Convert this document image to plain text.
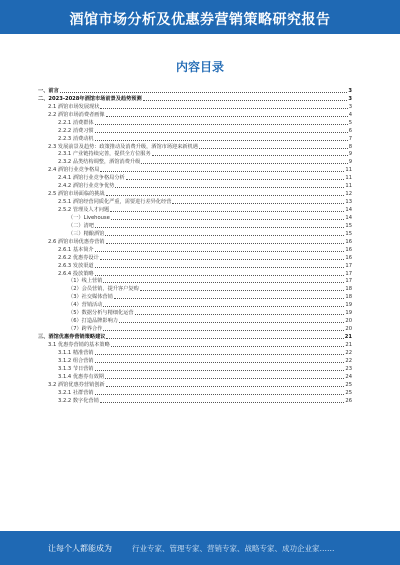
酒馆市场分析及优惠券营销策略研究报告
内容目录
一、前言	3
二、2023-2028年酒馆市场前景及趋势预测	3
2.1 酒馆市场发展现状	3
2.2 酒馆市场消费者画像	4
2.2.1 消费群体	5
2.2.2 消费习惯	6
2.2.3 消费动机	7
2.3 发展前景及趋势：政策推动及消费升级，酒馆市场迎来新机遇	8
2.3.1 产业链持续完善，提供全方位服务	9
2.3.2 品类结构调整，酒馆消费升级	9
2.4 酒馆行业竞争格局	11
2.4.1 酒馆行业竞争格局分析	11
2.4.2 酒馆行业竞争优势	11
2.5 酒馆市场面临的挑战	12
2.5.1 酒馆经营同质化严重，需要进行差异化经营	13
2.5.2 管理及人才问题	14
（一）Livehouse	14
（二）清吧	15
（三）精酿酒馆	15
2.6 酒馆市场优惠券营销	16
2.6.1 基本简介	16
2.6.2 优惠券设计	16
2.6.3 发放渠道	17
2.6.4 投放策略	17
（1）线上营销	17
（2）会员营销，提升客户复购	18
（3）社交媒体营销	18
（4）营销活动	19
（5）数据分析与精细化运营	19
（6）打造品牌影响力	20
（7）跨界合作	20
三、酒馆优惠券营销策略建议	21
3.1 优惠券营销的基本策略	21
3.1.1 精准营销	22
3.1.2 组合营销	22
3.1.3 节日营销	23
3.1.4 优惠券有效期	24
3.2 酒馆优惠券营销创新	25
3.2.1 社群营销	25
3.2.2 数字化营销	26
让每个人都能成为	行业专家、管理专家、营销专家、战略专家、成功企业家……
